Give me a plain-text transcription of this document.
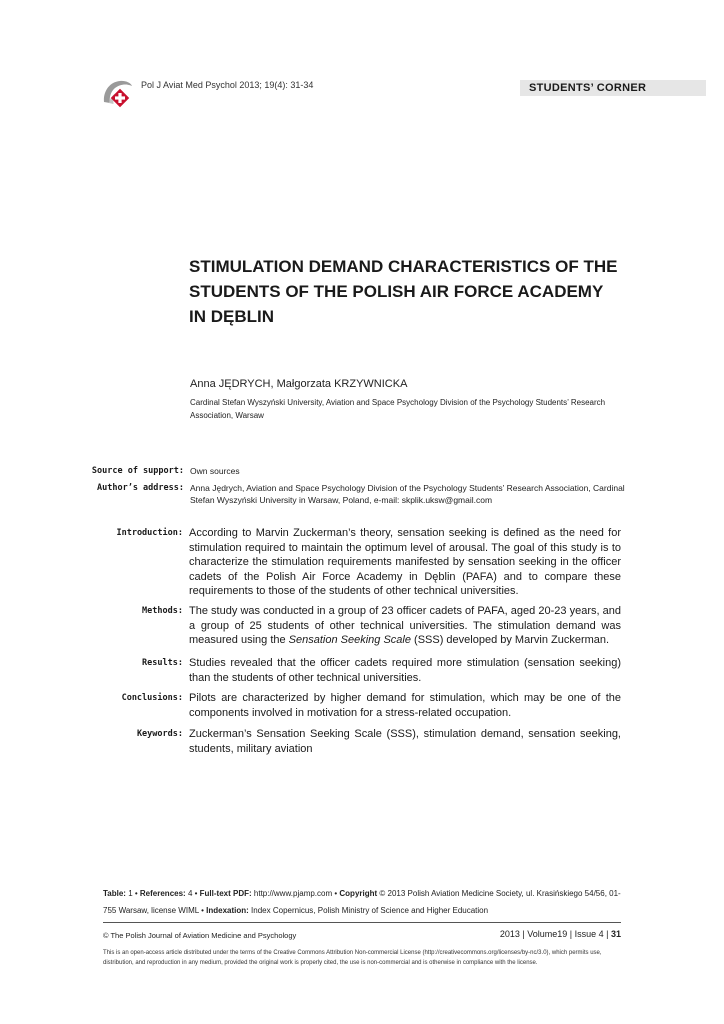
Pol J Aviat Med Psychol 2013; 19(4): 31-34	STUDENTS’ CORNER
STIMULATION DEMAND CHARACTERISTICS OF THE
STUDENTS OF THE POLISH AIR FORCE ACADEMY
IN DĘBLIN
Anna JĘDRYCH, Małgorzata KRZYWNICKA
Cardinal Stefan Wyszyński University, Aviation and Space Psychology Division of the Psychology Students’ Research Association, Warsaw
Source of support: Own sources
Author’s address: Anna Jędrych, Aviation and Space Psychology Division of the Psychology Students’ Research Association, Cardinal Stefan Wyszyński University in Warsaw, Poland, e-mail: skplik.uksw@gmail.com
Introduction: According to Marvin Zuckerman’s theory, sensation seeking is defined as the need for stimulation required to maintain the optimum level of arousal. The goal of this study is to characterize the stimulation requirements manifested by sensation seeking in the officer cadets of the Polish Air Force Academy in Dęblin (PAFA) and to compare these requirements to those of the students of other technical universities.
Methods: The study was conducted in a group of 23 officer cadets of PAFA, aged 20-23 years, and a group of 25 students of other technical universities. The stimulation demand was measured using the Sensation Seeking Scale (SSS) developed by Marvin Zuckerman.
Results: Studies revealed that the officer cadets required more stimulation (sensation seeking) than the students of other technical universities.
Conclusions: Pilots are characterized by higher demand for stimulation, which may be one of the components involved in motivation for a stress-related occupation.
Keywords: Zuckerman’s Sensation Seeking Scale (SSS), stimulation demand, sensation seeking, students, military aviation
Table: 1 • References: 4 • Full-text PDF: http://www.pjamp.com • Copyright © 2013 Polish Aviation Medicine Society, ul. Krasińskiego 54/56, 01-755 Warsaw, license WIML • Indexation: Index Copernicus, Polish Ministry of Science and Higher Education
© The Polish Journal of Aviation Medicine and Psychology	2013 | Volume19 | Issue 4 | 31
This is an open-access article distributed under the terms of the Creative Commons Attribution Non-commercial License (http://creativecommons.org/licenses/by-nc/3.0), which permits use, distribution, and reproduction in any medium, provided the original work is properly cited, the use is non-commercial and is otherwise in compliance with the license.
